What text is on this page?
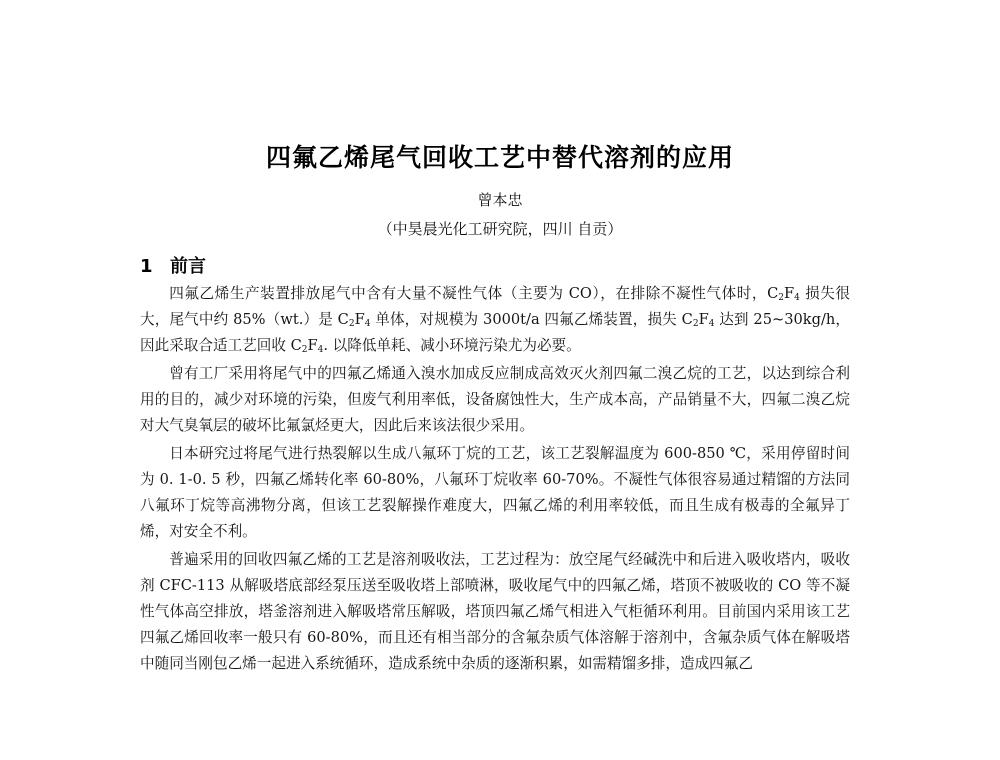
四氟乙烯尾气回收工艺中替代溶剂的应用
曾本忠
（中昊晨光化工研究院，四川 自贡）
1 前言

四氟乙烯生产装置排放尾气中含有大量不凝性气体（主要为 CO），在排除不凝性气体时，$C_2F_4$ 损失很大，尾气中约 85%（wt.）是 $C_2F_4$ 单体，对规模为 3000t/a 四氟乙烯装置，损失 $C_2F_4$ 达到 25~30kg/h，因此采取合适工艺回收 $C_2F_4$. 以降低单耗、减小环境污染尤为必要。

曾有工厂采用将尾气中的四氟乙烯通入溴水加成反应制成高效灭火剂四氟二溴乙烷的工艺，以达到综合利用的目的，减少对环境的污染，但废气利用率低，设备腐蚀性大，生产成本高，产品销量不大，四氟二溴乙烷对大气臭氧层的破坏比氟氯烃更大，因此后来该法很少采用。

日本研究过将尾气进行热裂解以生成八氟环丁烷的工艺，该工艺裂解温度为 600-850 ℃，采用停留时间为 0. 1-0. 5 秒，四氟乙烯转化率 60-80%，八氟环丁烷收率 60-70%。不凝性气体很容易通过精馏的方法同八氟环丁烷等高沸物分离，但该工艺裂解操作难度大，四氟乙烯的利用率较低，而且生成有极毒的全氟异丁烯，对安全不利。

普遍采用的回收四氟乙烯的工艺是溶剂吸收法，工艺过程为：放空尾气经碱洗中和后进入吸收塔内，吸收剂 CFC-113 从解吸塔底部经泵压送至吸收塔上部喷淋，吸收尾气中的四氟乙烯，塔顶不被吸收的 CO 等不凝性气体高空排放，塔釜溶剂进入解吸塔常压解吸，塔顶四氟乙烯气相进入气柜循环利用。目前国内采用该工艺四氟乙烯回收率一般只有 60-80%，而且还有相当部分的含氟杂质气体溶解于溶剂中，含氟杂质气体在解吸塔中随同当刚包乙烯一起进入系统循环，造成系统中杂质的逐渐积累，如需精馏多排，造成四氟乙
